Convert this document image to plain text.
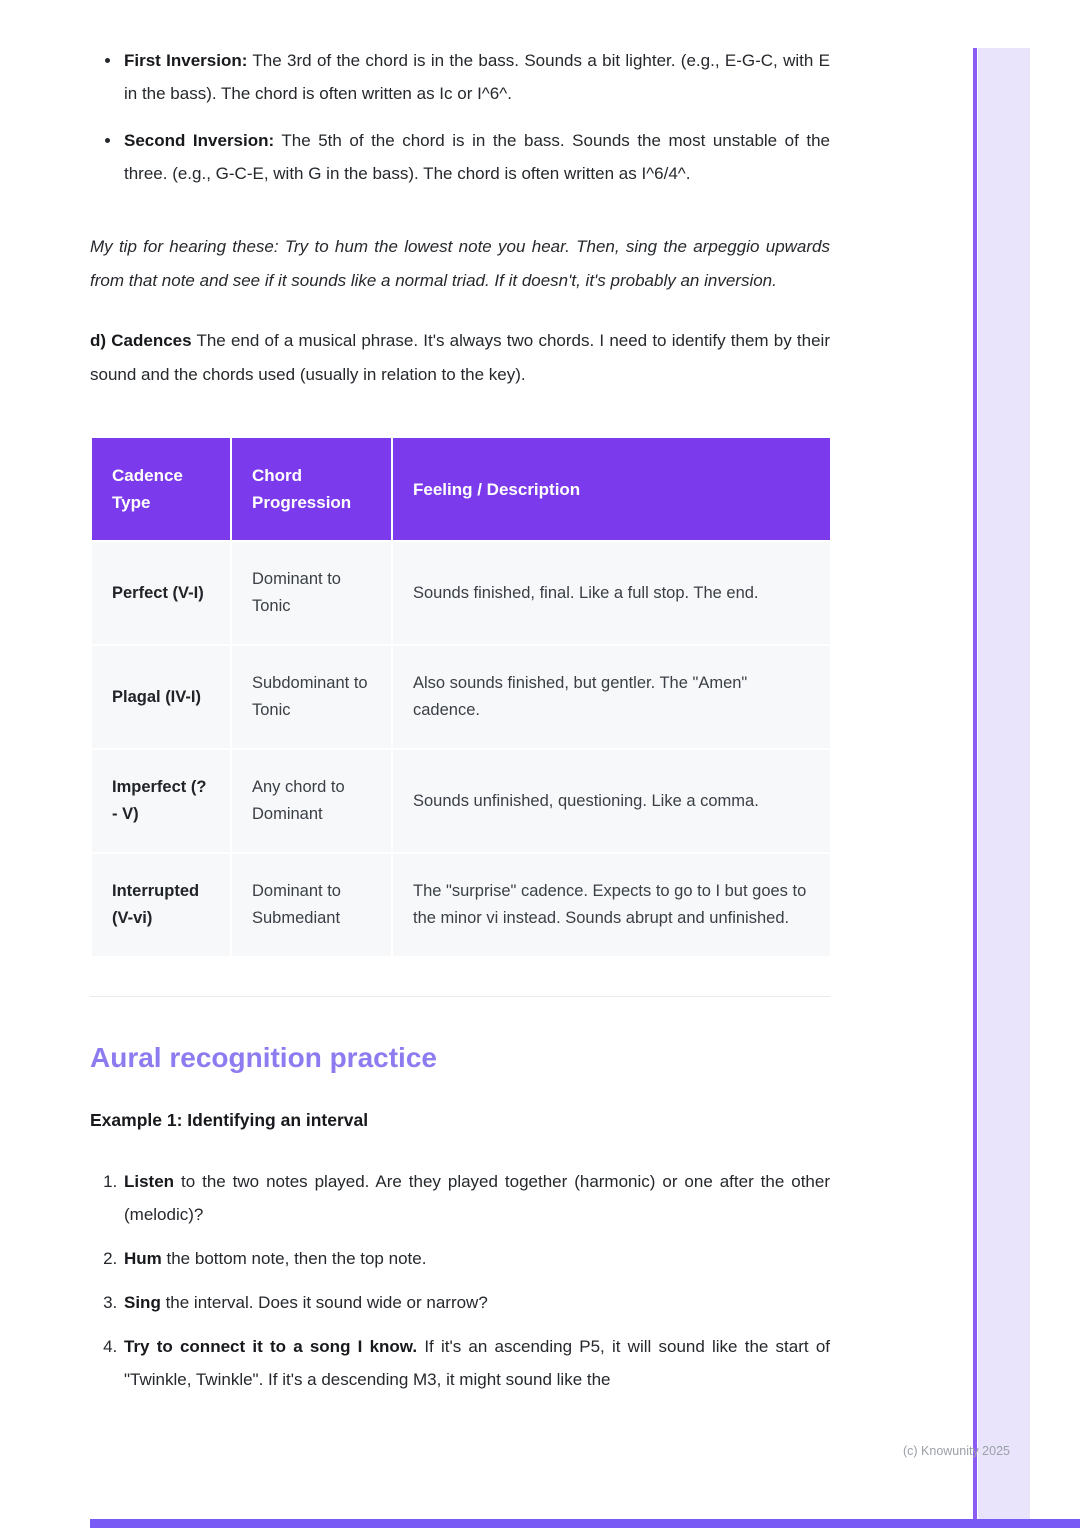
• First Inversion: The 3rd of the chord is in the bass. Sounds a bit lighter. (e.g., E-G-C, with E in the bass). The chord is often written as Ic or I^6^.
• Second Inversion: The 5th of the chord is in the bass. Sounds the most unstable of the three. (e.g., G-C-E, with G in the bass). The chord is often written as I^6/4^.

My tip for hearing these: Try to hum the lowest note you hear. Then, sing the arpeggio upwards from that note and see if it sounds like a normal triad. If it doesn't, it's probably an inversion.

d) Cadences The end of a musical phrase. It's always two chords. I need to identify them by their sound and the chords used (usually in relation to the key).

Cadence Type	Chord Progression	Feeling / Description
Perfect (V-I)	Dominant to Tonic	Sounds finished, final. Like a full stop. The end.
Plagal (IV-I)	Subdominant to Tonic	Also sounds finished, but gentler. The "Amen" cadence.
Imperfect (? - V)	Any chord to Dominant	Sounds unfinished, questioning. Like a comma.
Interrupted (V-vi)	Dominant to Submediant	The "surprise" cadence. Expects to go to I but goes to the minor vi instead. Sounds abrupt and unfinished.
Aural recognition practice
Example 1: Identifying an interval
1. Listen to the two notes played. Are they played together (harmonic) or one after the other (melodic)?
2. Hum the bottom note, then the top note.
3. Sing the interval. Does it sound wide or narrow?
4. Try to connect it to a song I know. If it's an ascending P5, it will sound like the start of "Twinkle, Twinkle". If it's a descending M3, it might sound like the
(c) Knowunity 2025
